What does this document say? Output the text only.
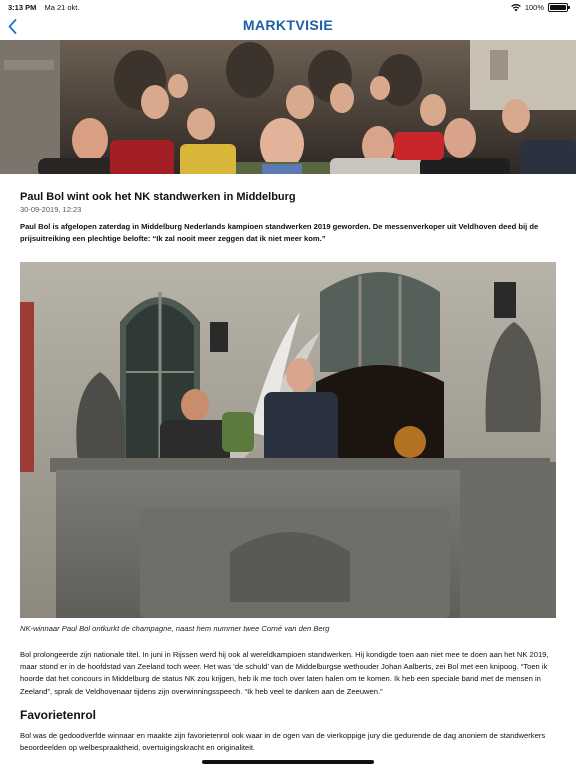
3:13 PM Ma 21 okt.	100%
MARKTVISIE
Paul Bol wint ook het NK standwerken in Middelburg
30-09-2019, 12:23

Paul Bol is afgelopen zaterdag in Middelburg Nederlands kampioen standwerken 2019 geworden. De messenverkoper uit Veldhoven deed bij de prijsuitreiking een plechtige belofte: “Ik zal nooit meer zeggen dat ik niet meer kom.”

NK-winnaar Paul Bol ontkurkt de champagne, naast hem nummer twee Corné van den Berg

Bol prolongeerde zijn nationale titel. In juni in Rijssen werd hij ook al wereldkampioen standwerken. Hij kondigde toen aan niet mee te doen aan het NK 2019, maar stond er in de hoofdstad van Zeeland toch weer. Het was ‘de schuld’ van de Middelburgse wethouder Johan Aalberts, zei Bol met een knipoog. “Toen ik hoorde dat het concours in Middelburg de status NK zou krijgen, heb ik me toch over laten halen om te komen. Ik heb een speciale band met de mensen in Zeeland”, sprak de Veldhovenaar tijdens zijn overwinningsspeech. “Ik heb veel te danken aan de Zeeuwen.”

Favorietenrol

Bol was de gedoodverfde winnaar en maakte zijn favorietenrol ook waar in de ogen van de vierkoppige jury die gedurende de dag anoniem de standwerkers beoordeelden op welbespraaktheid, overtuigingskracht en originaliteit.
